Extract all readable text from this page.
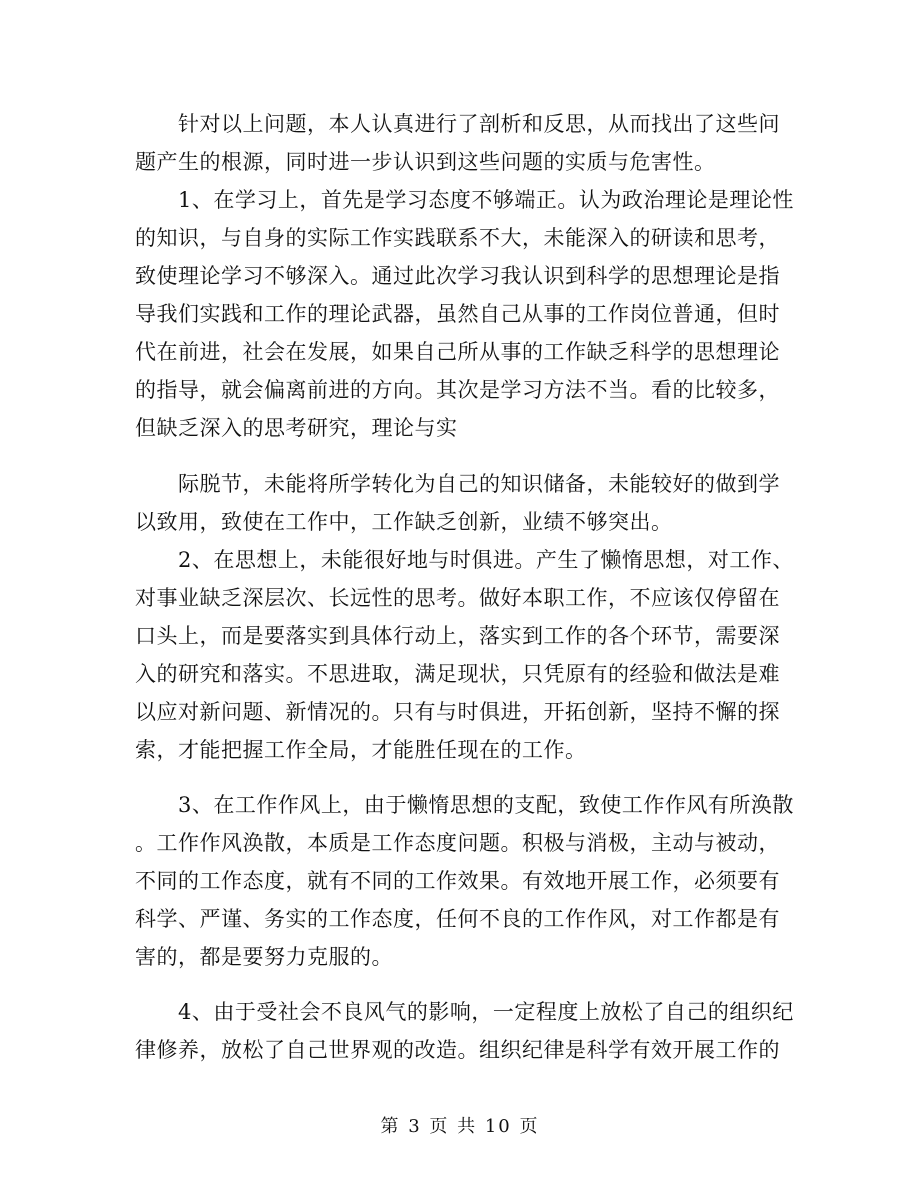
针对以上问题，本人认真进行了剖析和反思，从而找出了这些问
题产生的根源，同时进一步认识到这些问题的实质与危害性。
1、在学习上，首先是学习态度不够端正。认为政治理论是理论性
的知识，与自身的实际工作实践联系不大，未能深入的研读和思考，
致使理论学习不够深入。通过此次学习我认识到科学的思想理论是指
导我们实践和工作的理论武器，虽然自己从事的工作岗位普通，但时
代在前进，社会在发展，如果自己所从事的工作缺乏科学的思想理论
的指导，就会偏离前进的方向。其次是学习方法不当。看的比较多，
但缺乏深入的思考研究，理论与实
际脱节，未能将所学转化为自己的知识储备，未能较好的做到学
以致用，致使在工作中，工作缺乏创新，业绩不够突出。
2、在思想上，未能很好地与时俱进。产生了懒惰思想，对工作、
对事业缺乏深层次、长远性的思考。做好本职工作，不应该仅停留在
口头上，而是要落实到具体行动上，落实到工作的各个环节，需要深
入的研究和落实。不思进取，满足现状，只凭原有的经验和做法是难
以应对新问题、新情况的。只有与时俱进，开拓创新，坚持不懈的探
索，才能把握工作全局，才能胜任现在的工作。
3、在工作作风上，由于懒惰思想的支配，致使工作作风有所涣散
。工作作风涣散，本质是工作态度问题。积极与消极，主动与被动，
不同的工作态度，就有不同的工作效果。有效地开展工作，必须要有
科学、严谨、务实的工作态度，任何不良的工作作风，对工作都是有
害的，都是要努力克服的。
4、由于受社会不良风气的影响，一定程度上放松了自己的组织纪
律修养，放松了自己世界观的改造。组织纪律是科学有效开展工作的
第 3 页 共 10 页
